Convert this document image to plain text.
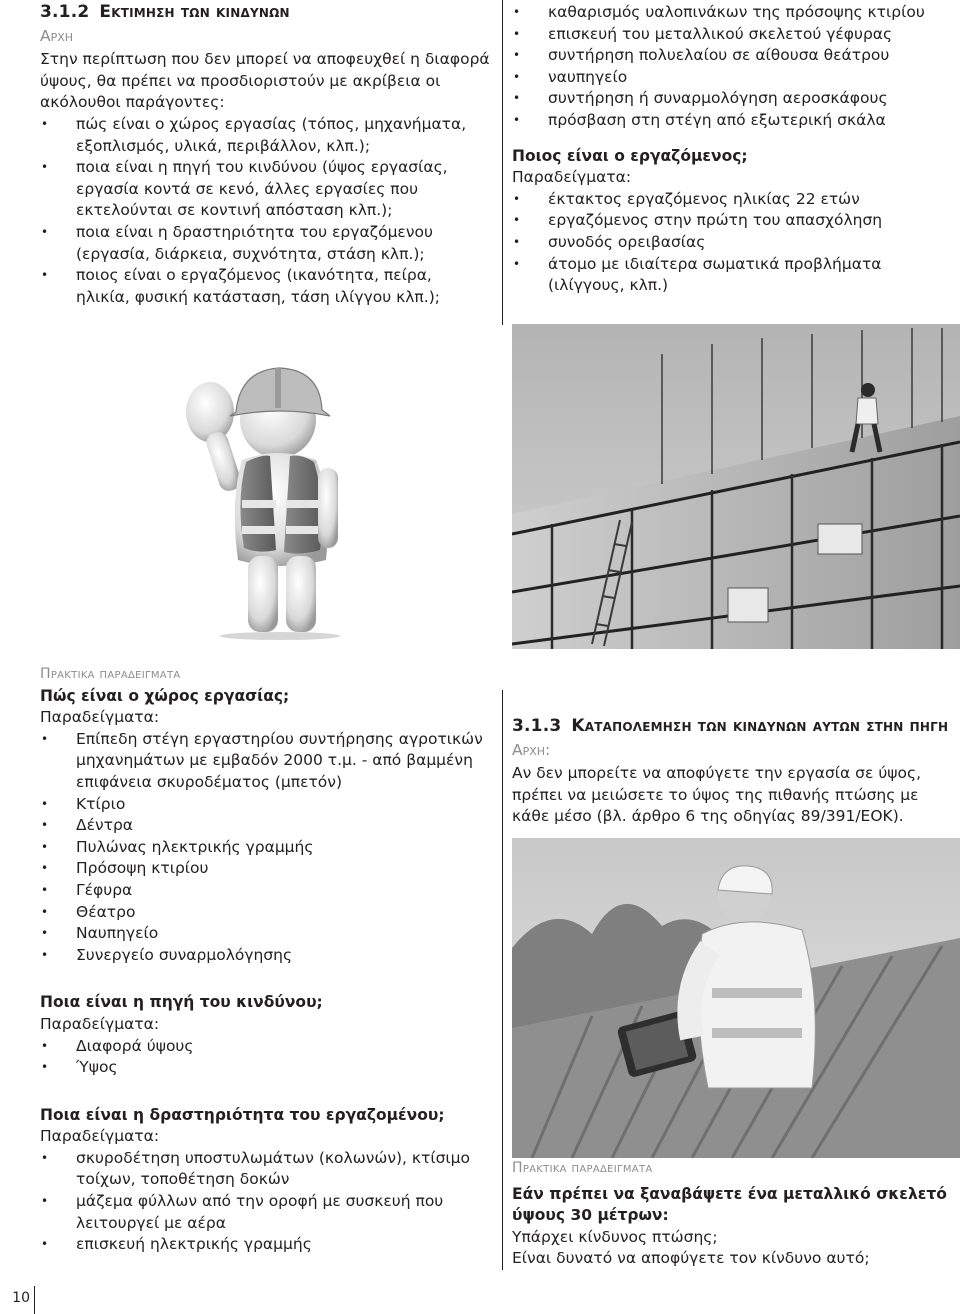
3.1.2 Εκτιμηση των κινδυνων
Αρχη

Στην περίπτωση που δεν μπορεί να αποφευχθεί η διαφορά ύψους, θα πρέπει να προσδιοριστούν με ακρίβεια οι ακόλουθοι παράγοντες:

• πώς είναι ο χώρος εργασίας (τόπος, μηχανήματα, εξοπλισμός, υλικά, περιβάλλον, κλπ.);
• ποια είναι η πηγή του κινδύνου (ύψος εργασίας, εργασία κοντά σε κενό, άλλες εργασίες που εκτελούνται σε κοντινή απόσταση κλπ.);
• ποια είναι η δραστηριότητα του εργαζόμενου (εργασία, διάρκεια, συχνότητα, στάση κλπ.);
• ποιος είναι ο εργαζόμενος (ικανότητα, πείρα, ηλικία, φυσική κατάσταση, τάση ιλίγγου κλπ.);
• καθαρισμός υαλοπινάκων της πρόσοψης κτιρίου
• επισκευή του μεταλλικού σκελετού γέφυρας
• συντήρηση πολυελαίου σε αίθουσα θεάτρου
• ναυπηγείο
• συντήρηση ή συναρμολόγηση αεροσκάφους
• πρόσβαση στη στέγη από εξωτερική σκάλα
Ποιος είναι ο εργαζόμενος;
Παραδείγματα:
• έκτακτος εργαζόμενος ηλικίας 22 ετών
• εργαζόμενος στην πρώτη του απασχόληση
• συνοδός ορειβασίας
• άτομο με ιδιαίτερα σωματικά προβλήματα (ιλίγγους, κλπ.)
Πρακτικα παραδειγματα
Πώς είναι ο χώρος εργασίας;
Παραδείγματα:
• Επίπεδη στέγη εργαστηρίου συντήρησης αγροτικών μηχανημάτων με εμβαδόν 2000 τ.μ. - από βαμμένη επιφάνεια σκυροδέματος (μπετόν)
• Κτίριο
• Δέντρα
• Πυλώνας ηλεκτρικής γραμμής
• Πρόσοψη κτιρίου
• Γέφυρα
• Θέατρο
• Ναυπηγείο
• Συνεργείο συναρμολόγησης
Ποια είναι η πηγή του κινδύνου;
Παραδείγματα:
• Διαφορά ύψους
• Ύψος
Ποια είναι η δραστηριότητα του εργαζομένου;
Παραδείγματα:
• σκυροδέτηση υποστυλωμάτων (κολωνών), κτίσιμο τοίχων, τοποθέτηση δοκών
• μάζεμα φύλλων από την οροφή με συσκευή που λειτουργεί με αέρα
• επισκευή ηλεκτρικής γραμμής
3.1.3 Καταπολεμηση των κινδυνων αυτων στην πηγη
Αρχη:

Αν δεν μπορείτε να αποφύγετε την εργασία σε ύψος, πρέπει να μειώσετε το ύψος της πιθανής πτώσης με κάθε μέσο (βλ. άρθρο 6 της οδηγίας 89/391/ΕΟΚ).

Πρακτικα παραδειγματα
Εάν πρέπει να ξαναβάψετε ένα μεταλλικό σκελετό ύψους 30 μέτρων:
Υπάρχει κίνδυνος πτώσης;
Είναι δυνατό να αποφύγετε τον κίνδυνο αυτό;
10
